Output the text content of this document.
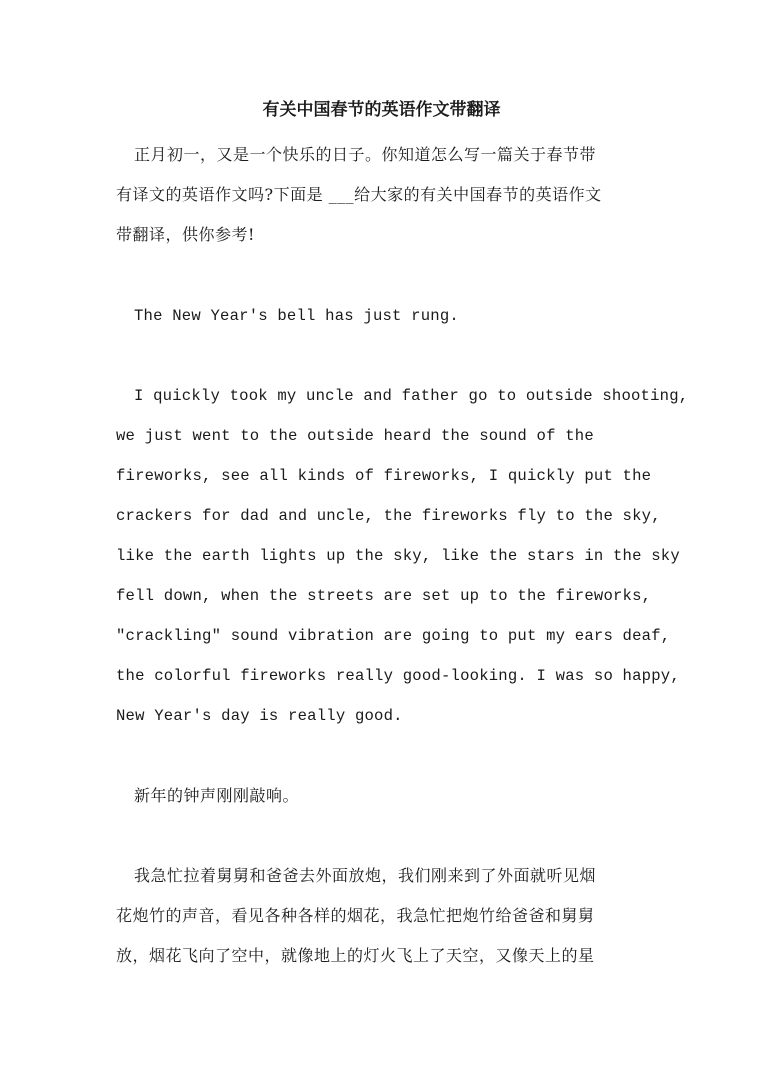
有关中国春节的英语作文带翻译
正月初一，又是一个快乐的日子。你知道怎么写一篇关于春节带
有译文的英语作文吗?下面是 ___给大家的有关中国春节的英语作文
带翻译，供你参考!
The New Year's bell has just rung.
I quickly took my uncle and father go to outside shooting,
we just went to the outside heard the sound of the
fireworks, see all kinds of fireworks, I quickly put the
crackers for dad and uncle, the fireworks fly to the sky,
like the earth lights up the sky, like the stars in the sky
fell down, when the streets are set up to the fireworks,
"crackling" sound vibration are going to put my ears deaf,
the colorful fireworks really good-looking. I was so happy,
New Year's day is really good.
新年的钟声刚刚敲响。
我急忙拉着舅舅和爸爸去外面放炮，我们刚来到了外面就听见烟
花炮竹的声音，看见各种各样的烟花，我急忙把炮竹给爸爸和舅舅
放，烟花飞向了空中，就像地上的灯火飞上了天空，又像天上的星
